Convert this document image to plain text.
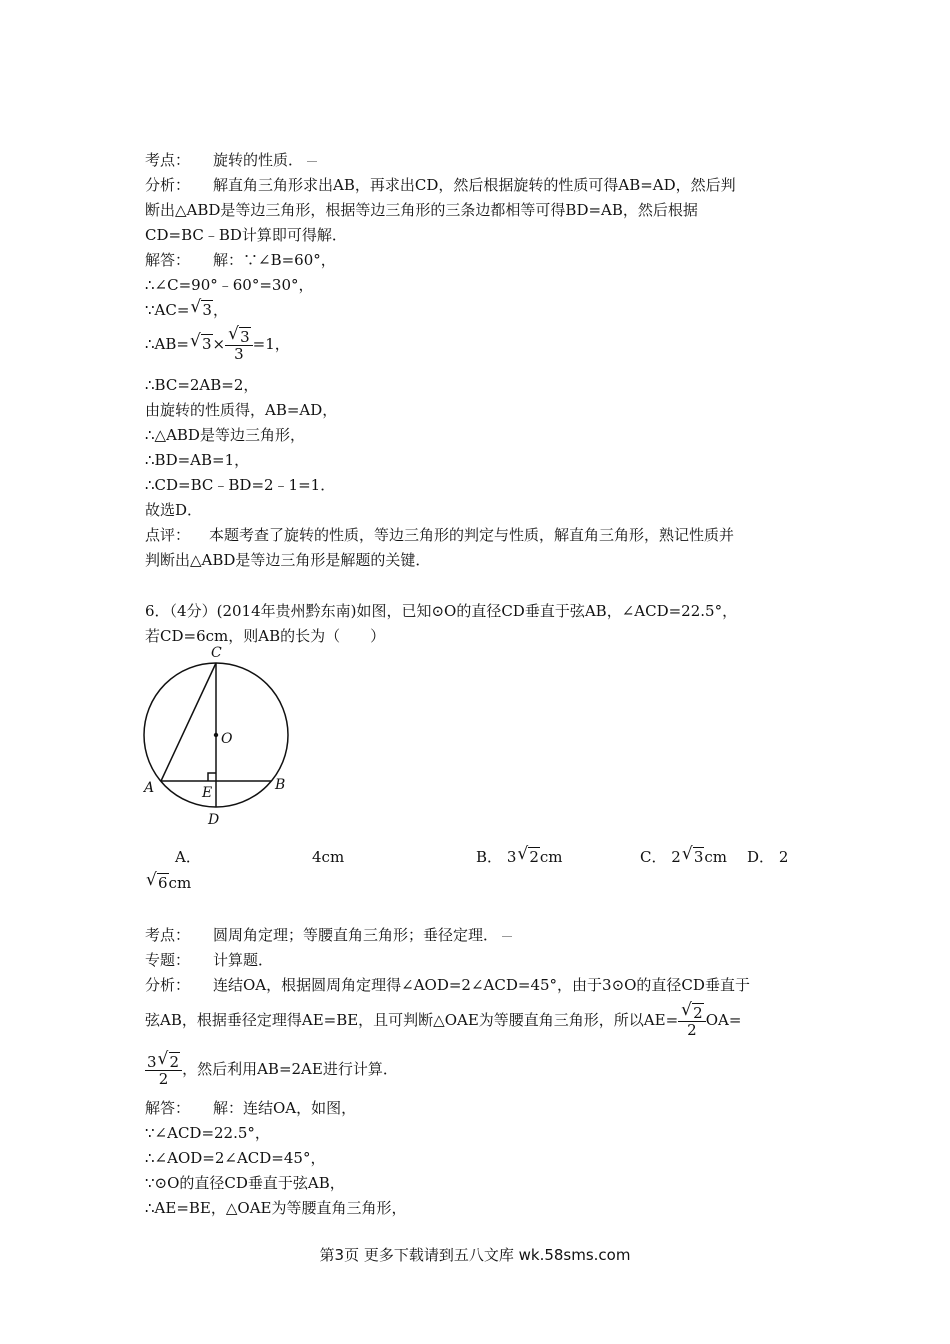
考点： 旋转的性质．
分析： 解直角三角形求出AB，再求出CD，然后根据旋转的性质可得AB=AD，然后判
断出△ABD是等边三角形，根据等边三角形的三条边都相等可得BD=AB，然后根据
CD=BC﹣BD计算即可得解．
解答： 解：∵∠B=60°，
∴∠C=90°﹣60°=30°，
∵AC= √ 3，
∴AB= √ $3\times \frac{√ 3}{3} =1$，
∴BC=2AB=2，
由旋转的性质得，AB=AD，
∴△ABD是等边三角形，
∴BD=AB=1，
∴CD=BC﹣BD=2﹣1=1．
故选D．
点评： 本题考查了旋转的性质，等边三角形的判定与性质，解直角三角形，熟记性质并
判断出△ABD是等边三角形是解题的关键．
6．（4分）(2014年贵州黔东南)如图，已知⊙O的直径CD垂直于弦AB，∠ACD=22.5°，
若CD=6cm，则AB的长为（　　）
C
O
A	B
E
D
A．	4cm	B． 3 √ 2cm	C． 2 √ 3cm D． 2
√ 6cm
考点： 圆周角定理；等腰直角三角形；垂径定理．
专题： 计算题．
分析： 连结OA，根据圆周角定理得∠AOD=2∠ACD=45°，由于3⊙O的直径CD垂直于
弦AB，根据垂径定理得AE=BE，且可判断△OAE为等腰直角三角形，所以$AE= \frac{√ 2}{2} OA=$
$\frac{3 √ 2}{2}$ ，然后利用AB=2AE进行计算．
解答： 解：连结OA，如图，
∵∠ACD=22.5°，
∴∠AOD=2∠ACD=45°，
∵⊙O的直径CD垂直于弦AB，
∴AE=BE，△OAE为等腰直角三角形，
第3页 更多下载请到五八文库 wk.58sms.com
